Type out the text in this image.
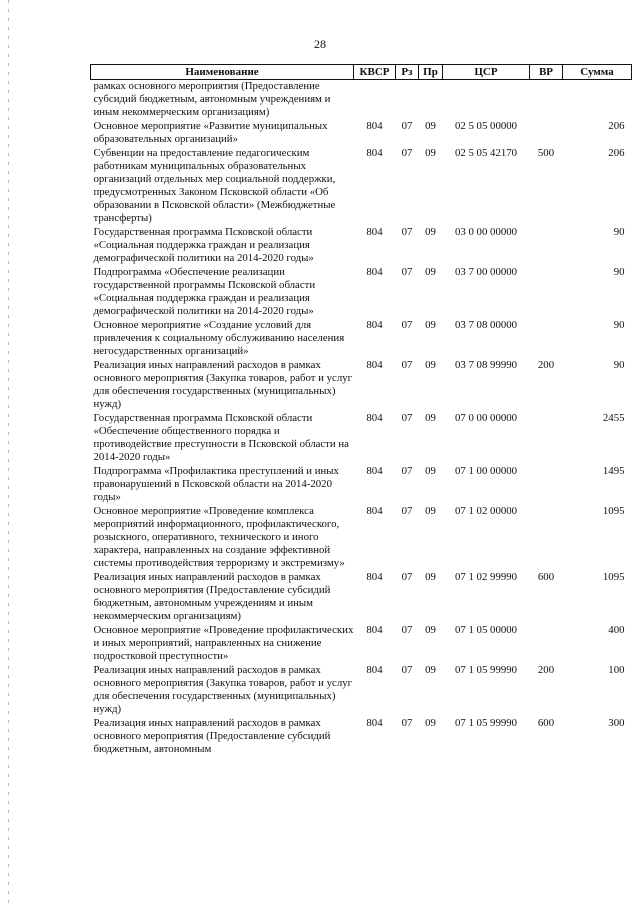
28
Наименование	КВСР	Рз	Пр	ЦСР	ВР	Сумма
рамках основного мероприятия (Предоставление субсидий бюджетным, автономным учреждениям и иным некоммерческим организациям)						
Основное мероприятие «Развитие муниципальных образовательных организаций»	804	07	09	02 5 05 00000		206
Субвенции на предоставление педагогическим работникам муниципальных образовательных организаций отдельных мер социальной поддержки, предусмотренных Законом Псковской области «Об образовании в Псковской области» (Межбюджетные трансферты)	804	07	09	02 5 05 42170	500	206
Государственная программа Псковской области «Социальная поддержка граждан и реализация демографической политики на 2014-2020 годы»	804	07	09	03 0 00 00000		90
Подпрограмма «Обеспечение реализации государственной программы Псковской области «Социальная поддержка граждан и реализация демографической политики на 2014-2020 годы»	804	07	09	03 7 00 00000		90
Основное мероприятие «Создание условий для привлечения к социальному обслуживанию населения негосударственных организаций»	804	07	09	03 7 08 00000		90
Реализация иных направлений расходов в рамках основного мероприятия (Закупка товаров, работ и услуг для обеспечения государственных (муниципальных) нужд)	804	07	09	03 7 08 99990	200	90
Государственная программа Псковской области «Обеспечение общественного порядка и противодействие преступности в Псковской области на 2014-2020 годы»	804	07	09	07 0 00 00000		2455
Подпрограмма «Профилактика преступлений и иных правонарушений в Псковской области на 2014-2020 годы»	804	07	09	07 1 00 00000		1495
Основное мероприятие «Проведение комплекса мероприятий информационного, профилактического, розыскного, оперативного, технического и иного характера, направленных на создание эффективной системы противодействия терроризму и экстремизму»	804	07	09	07 1 02 00000		1095
Реализация иных направлений расходов в рамках основного мероприятия (Предоставление субсидий бюджетным, автономным учреждениям и иным некоммерческим организациям)	804	07	09	07 1 02 99990	600	1095
Основное мероприятие «Проведение профилактических и иных мероприятий, направленных на снижение подростковой преступности»	804	07	09	07 1 05 00000		400
Реализация иных направлений расходов в рамках основного мероприятия (Закупка товаров, работ и услуг для обеспечения государственных (муниципальных) нужд)	804	07	09	07 1 05 99990	200	100
Реализация иных направлений расходов в рамках основного мероприятия (Предоставление субсидий бюджетным, автономным	804	07	09	07 1 05 99990	600	300
